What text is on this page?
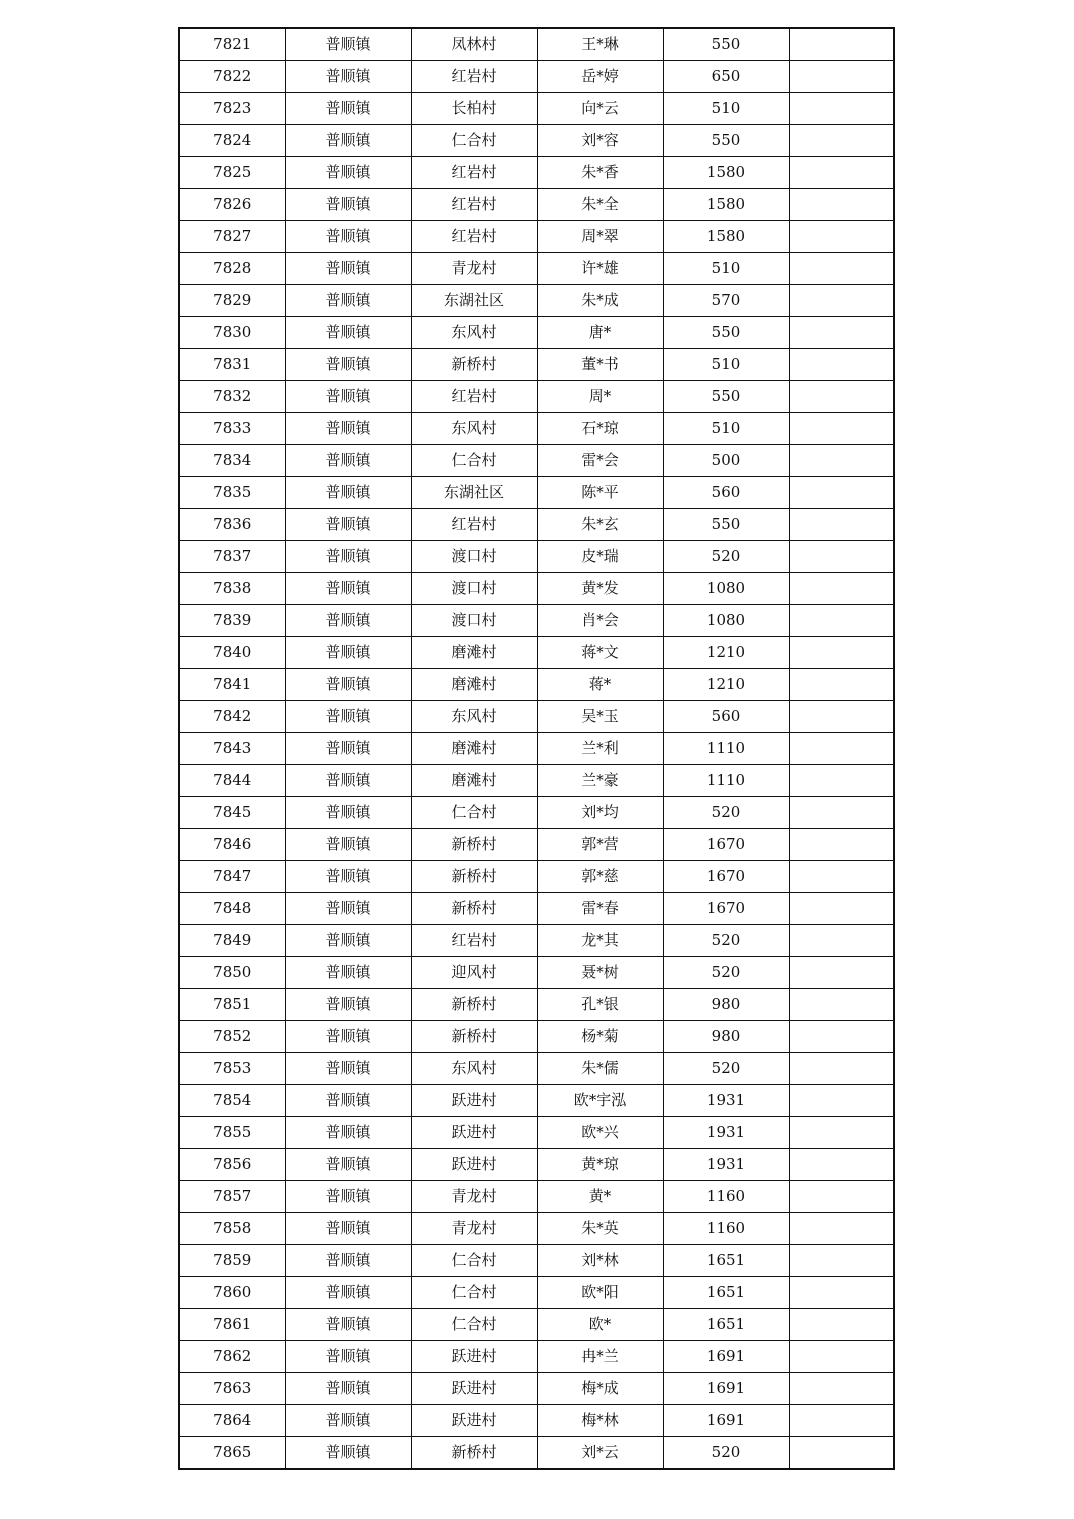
7821	普顺镇	凤林村	王*琳	550	
7822	普顺镇	红岩村	岳*婷	650	
7823	普顺镇	长柏村	向*云	510	
7824	普顺镇	仁合村	刘*容	550	
7825	普顺镇	红岩村	朱*香	1580	
7826	普顺镇	红岩村	朱*全	1580	
7827	普顺镇	红岩村	周*翠	1580	
7828	普顺镇	青龙村	许*雄	510	
7829	普顺镇	东湖社区	朱*成	570	
7830	普顺镇	东风村	唐*	550	
7831	普顺镇	新桥村	董*书	510	
7832	普顺镇	红岩村	周*	550	
7833	普顺镇	东风村	石*琼	510	
7834	普顺镇	仁合村	雷*会	500	
7835	普顺镇	东湖社区	陈*平	560	
7836	普顺镇	红岩村	朱*玄	550	
7837	普顺镇	渡口村	皮*瑞	520	
7838	普顺镇	渡口村	黄*发	1080	
7839	普顺镇	渡口村	肖*会	1080	
7840	普顺镇	磨滩村	蒋*文	1210	
7841	普顺镇	磨滩村	蒋*	1210	
7842	普顺镇	东风村	吴*玉	560	
7843	普顺镇	磨滩村	兰*利	1110	
7844	普顺镇	磨滩村	兰*豪	1110	
7845	普顺镇	仁合村	刘*均	520	
7846	普顺镇	新桥村	郭*营	1670	
7847	普顺镇	新桥村	郭*慈	1670	
7848	普顺镇	新桥村	雷*春	1670	
7849	普顺镇	红岩村	龙*其	520	
7850	普顺镇	迎风村	聂*树	520	
7851	普顺镇	新桥村	孔*银	980	
7852	普顺镇	新桥村	杨*菊	980	
7853	普顺镇	东风村	朱*儒	520	
7854	普顺镇	跃进村	欧*宇泓	1931	
7855	普顺镇	跃进村	欧*兴	1931	
7856	普顺镇	跃进村	黄*琼	1931	
7857	普顺镇	青龙村	黄*	1160	
7858	普顺镇	青龙村	朱*英	1160	
7859	普顺镇	仁合村	刘*林	1651	
7860	普顺镇	仁合村	欧*阳	1651	
7861	普顺镇	仁合村	欧*	1651	
7862	普顺镇	跃进村	冉*兰	1691	
7863	普顺镇	跃进村	梅*成	1691	
7864	普顺镇	跃进村	梅*林	1691	
7865	普顺镇	新桥村	刘*云	520	
